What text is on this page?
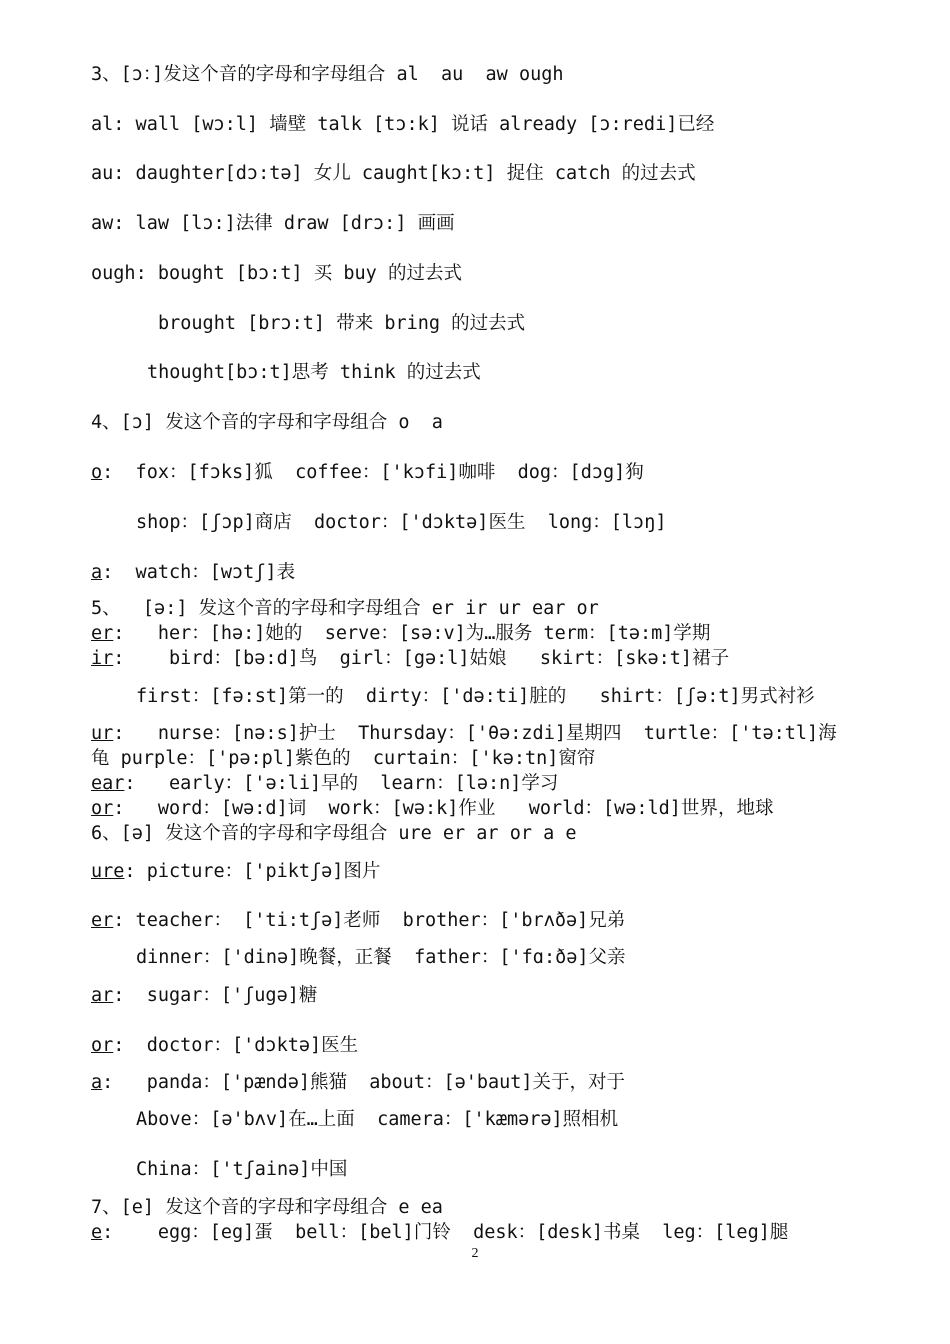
3、[ɔ：]发这个音的字母和字母组合 al  au  aw ough
al: wall [wɔ:l] 墙壁 talk [tɔ:k] 说话 already [ɔ:redi]已经
au: daughter[dɔ:tə] 女儿 caught[kɔ:t] 捉住 catch 的过去式
aw: law [lɔ:]法律 draw [drɔ:] 画画
ough: bought [bɔ:t] 买 buy 的过去式
brought [brɔ:t] 带来 bring 的过去式
thought[bɔ:t]思考 think 的过去式
4、[ɔ] 发这个音的字母和字母组合 o  a
o:  fox：[fɔks]狐  coffee：['kɔfi]咖啡  dog：[dɔg]狗
shop：[ʃɔp]商店  doctor：['dɔktə]医生  long：[lɔŋ]
a:  watch：[wɔtʃ]表
5、  [ə:] 发这个音的字母和字母组合 er ir ur ear or
er:   her：[hə:]她的  serve：[sə:v]为…服务 term：[tə:m]学期
ir:    bird：[bə:d]鸟  girl：[gə:l]姑娘   skirt：[skə:t]裙子
first：[fə:st]第一的  dirty：['də:ti]脏的   shirt：[ʃə:t]男式衬衫
ur:   nurse：[nə:s]护士  Thursday：['θə:zdi]星期四  turtle：['tə:tl]海
龟 purple：['pə:pl]紫色的  curtain：['kə:tn]窗帘
ear:   early：['ə:li]早的  learn：[lə:n]学习
or:   word：[wə:d]词  work：[wə:k]作业   world：[wə:ld]世界，地球
6、[ə] 发这个音的字母和字母组合 ure er ar or a e
ure: picture：['piktʃə]图片
er: teacher： ['ti:tʃə]老师  brother：['brʌðə]兄弟
dinner：['dinə]晚餐，正餐  father：['fɑ:ðə]父亲
ar:  sugar：['ʃugə]糖
or:  doctor：['dɔktə]医生
a:   panda：['pændə]熊猫  about：[ə'baut]关于，对于
Above：[ə'bʌv]在…上面  camera：['kæmərə]照相机
China：['tʃainə]中国
7、[e] 发这个音的字母和字母组合 e ea
e:    egg：[eg]蛋  bell：[bel]门铃  desk：[desk]书桌  leg：[leg]腿
2
